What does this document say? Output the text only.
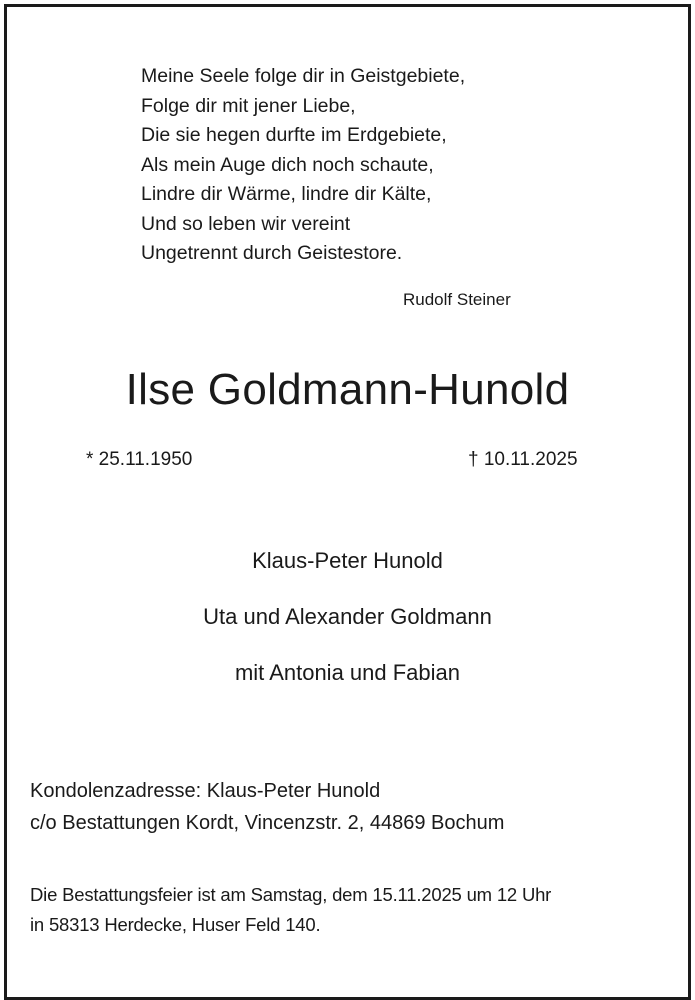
Meine Seele folge dir in Geistgebiete,
Folge dir mit jener Liebe,
Die sie hegen durfte im Erdgebiete,
Als mein Auge dich noch schaute,
Lindre dir Wärme, lindre dir Kälte,
Und so leben wir vereint
Ungetrennt durch Geistestore.
Rudolf Steiner
Ilse Goldmann-Hunold
* 25.11.1950	† 10.11.2025
Klaus-Peter Hunold
Uta und Alexander Goldmann
mit Antonia und Fabian
Kondolenzadresse: Klaus-Peter Hunold
c/o Bestattungen Kordt, Vincenzstr. 2, 44869 Bochum
Die Bestattungsfeier ist am Samstag, dem 15.11.2025 um 12 Uhr
in 58313 Herdecke, Huser Feld 140.
